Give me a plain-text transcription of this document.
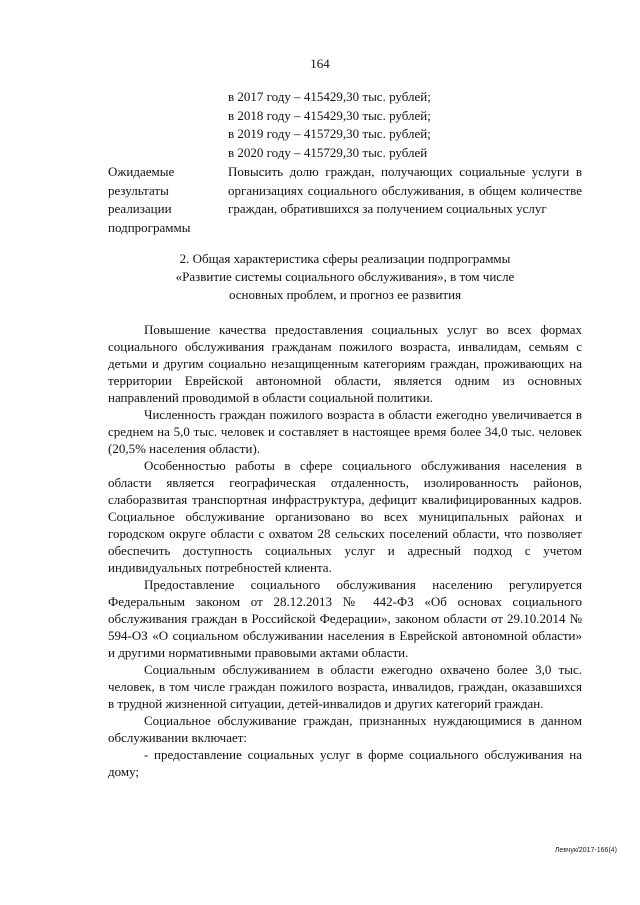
164
в 2017 году – 415429,30 тыс. рублей;
в 2018 году – 415429,30 тыс. рублей;
в 2019 году – 415729,30 тыс. рублей;
в 2020 году – 415729,30 тыс. рублей
Ожидаемые результаты реализации подпрограммы
Повысить долю граждан, получающих социальные услуги в организациях социального обслуживания, в общем количестве граждан, обратившихся за получением социальных услуг
2. Общая характеристика сферы реализации подпрограммы
«Развитие системы социального обслуживания», в том числе
основных проблем, и прогноз ее развития

Повышение качества предоставления социальных услуг во всех формах социального обслуживания гражданам пожилого возраста, инвалидам, семьям с детьми и другим социально незащищенным категориям граждан, проживающих на территории Еврейской автономной области, является одним из основных направлений проводимой в области социальной политики.

Численность граждан пожилого возраста в области ежегодно увеличивается в среднем на 5,0 тыс. человек и составляет в настоящее время более 34,0 тыс. человек (20,5% населения области).

Особенностью работы в сфере социального обслуживания населения в области является географическая отдаленность, изолированность районов, слаборазвитая транспортная инфраструктура, дефицит квалифицированных кадров. Социальное обслуживание организовано во всех муниципальных районах и городском округе области с охватом 28 сельских поселений области, что позволяет обеспечить доступность социальных услуг и адресный подход с учетом индивидуальных потребностей клиента.

Предоставление социального обслуживания населению регулируется Федеральным законом от 28.12.2013 № 442-ФЗ «Об основах социального обслуживания граждан в Российской Федерации», законом области от 29.10.2014 № 594-ОЗ «О социальном обслуживании населения в Еврейской автономной области» и другими нормативными правовыми актами области.

Социальным обслуживанием в области ежегодно охвачено более 3,0 тыс. человек, в том числе граждан пожилого возраста, инвалидов, граждан, оказавшихся в трудной жизненной ситуации, детей-инвалидов и других категорий граждан.

Социальное обслуживание граждан, признанных нуждающимися в данном обслуживании включает:

- предоставление социальных услуг в форме социального обслуживания на дому;

Левчук/2017-166(4)
